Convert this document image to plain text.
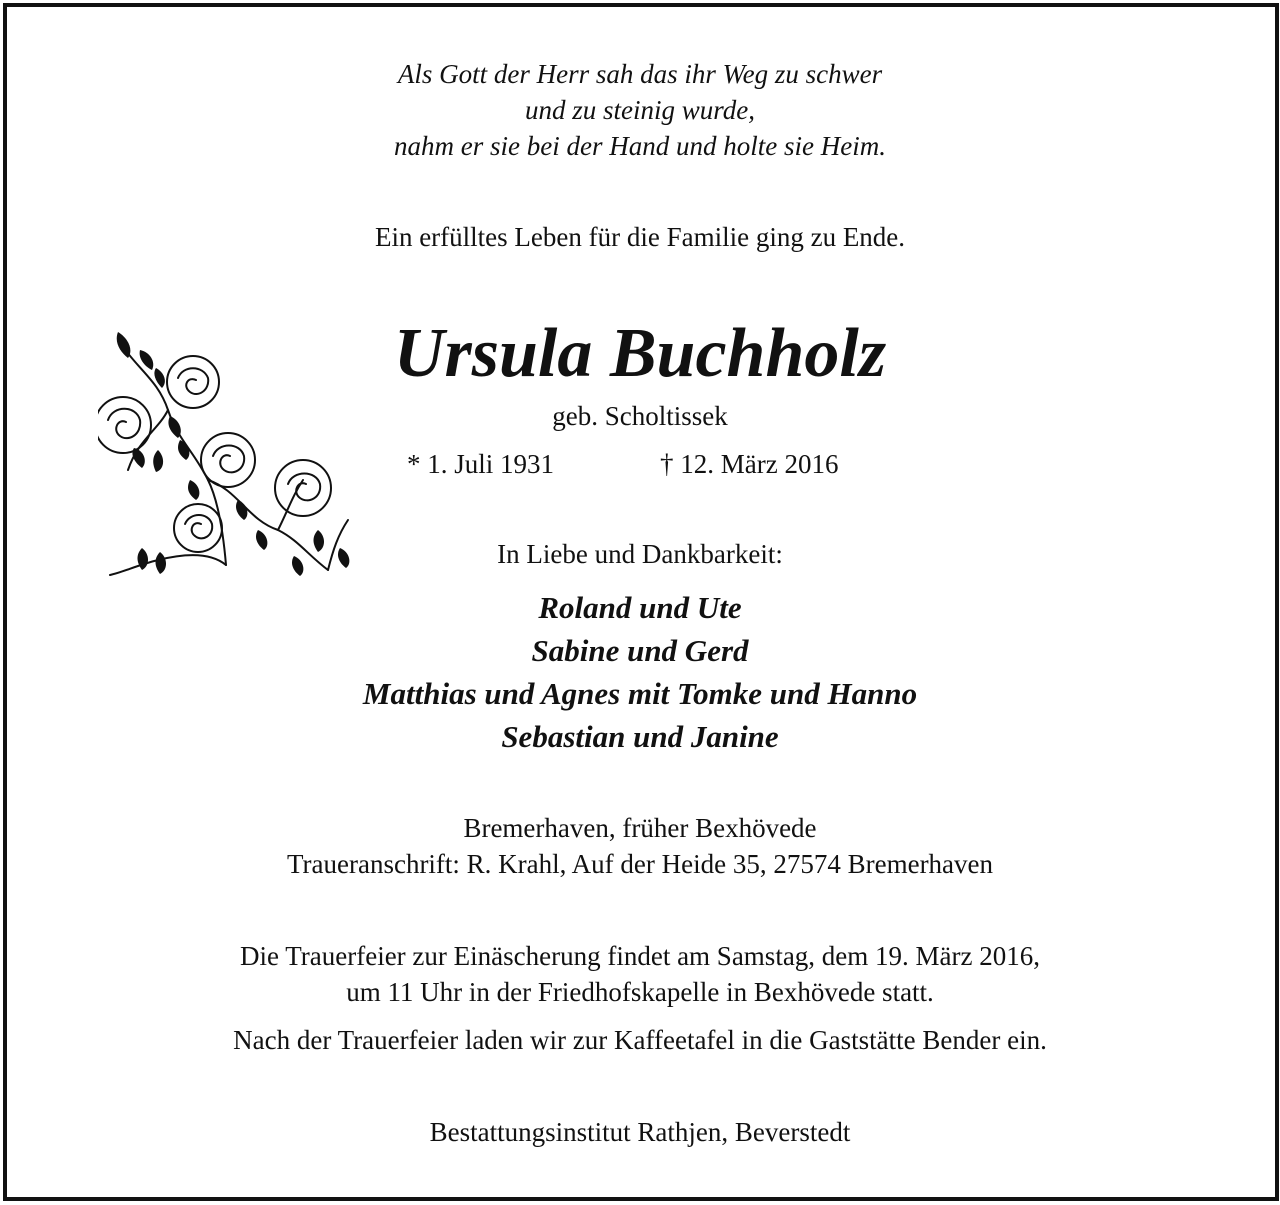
Als Gott der Herr sah das ihr Weg zu schwer
und zu steinig wurde,
nahm er sie bei der Hand und holte sie Heim.
Ein erfülltes Leben für die Familie ging zu Ende.
Ursula Buchholz
geb. Scholtissek
* 1. Juli 1931	† 12. März 2016
In Liebe und Dankbarkeit:
Roland und Ute
Sabine und Gerd
Matthias und Agnes mit Tomke und Hanno
Sebastian und Janine
Bremerhaven, früher Bexhövede
Traueranschrift: R. Krahl, Auf der Heide 35, 27574 Bremerhaven
Die Trauerfeier zur Einäscherung findet am Samstag, dem 19. März 2016,
um 11 Uhr in der Friedhofskapelle in Bexhövede statt.
Nach der Trauerfeier laden wir zur Kaffeetafel in die Gaststätte Bender ein.
Bestattungsinstitut Rathjen, Beverstedt
